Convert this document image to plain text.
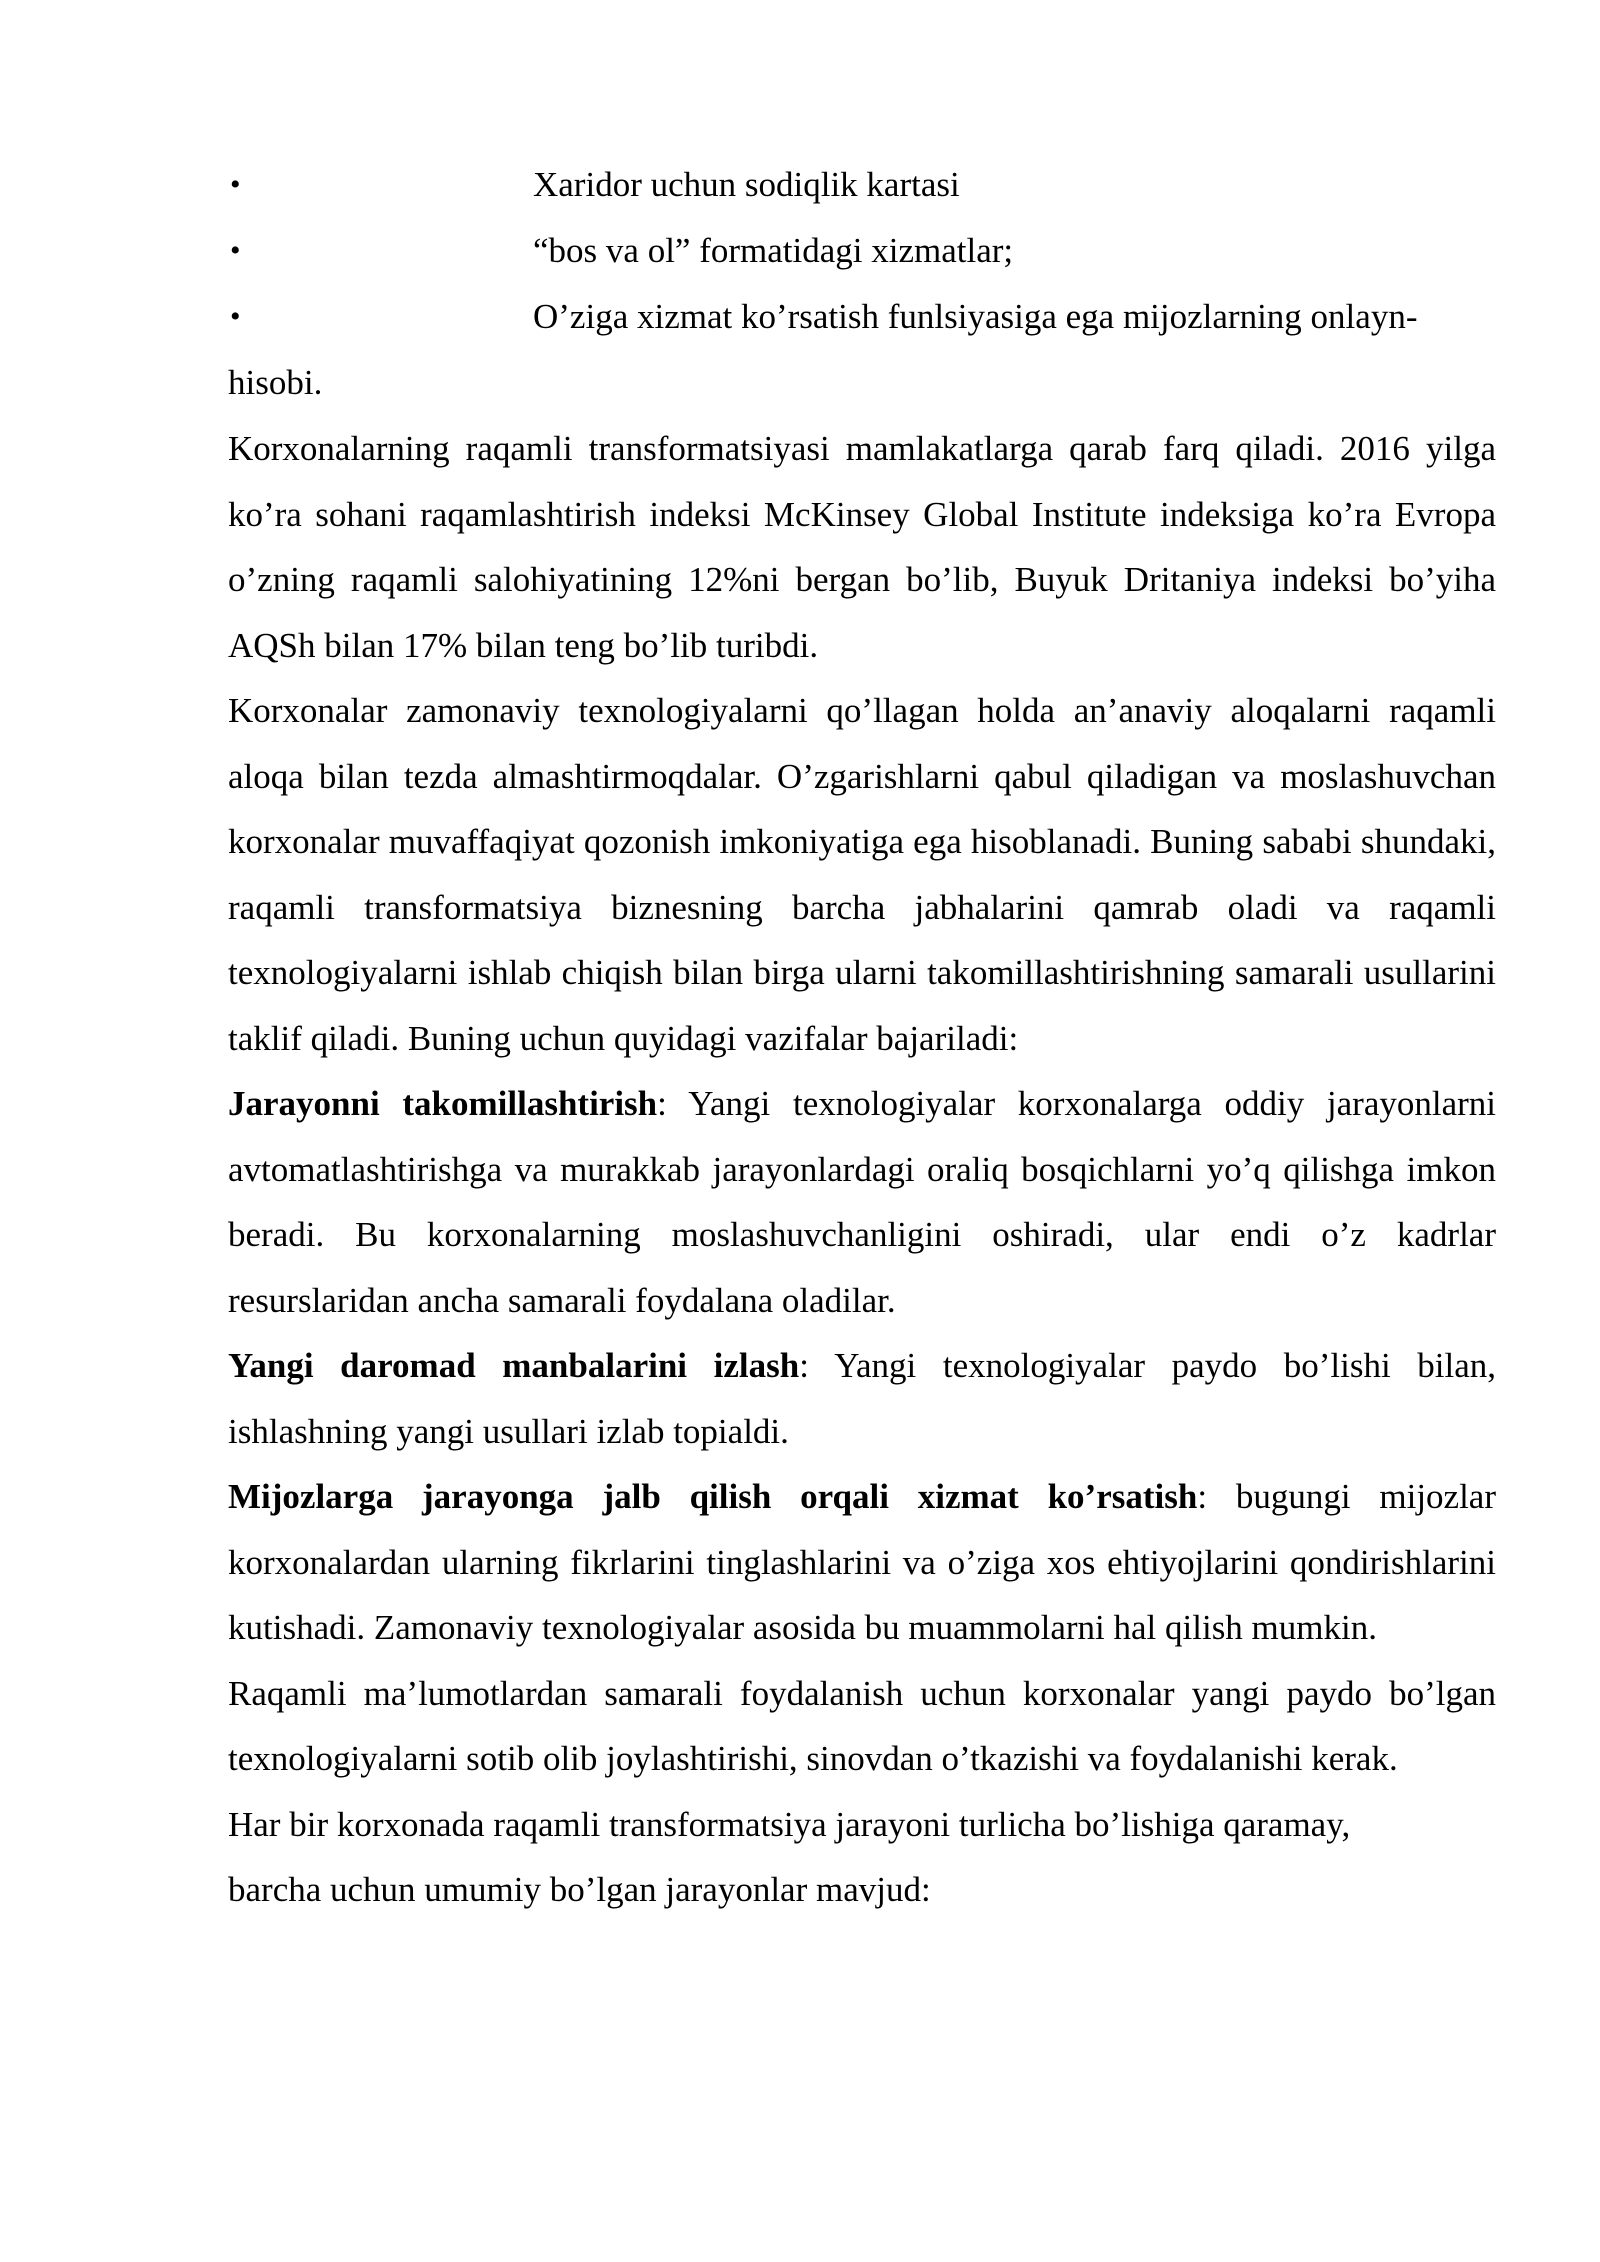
•	Xaridor uchun sodiqlik kartasi
•	“bos va ol” formatidagi xizmatlar;
•	O’ziga xizmat ko’rsatish funlsiyasiga ega mijozlarning onlayn-
hisobi.

Korxonalarning raqamli transformatsiyasi mamlakatlarga qarab farq qiladi. 2016 yilga ko’ra sohani raqamlashtirish indeksi McKinsey Global Institute indeksiga ko’ra Evropa o’zning raqamli salohiyatining 12%ni bergan bo’lib, Buyuk Dritaniya indeksi bo’yiha AQSh bilan 17% bilan teng bo’lib turibdi.

Korxonalar zamonaviy texnologiyalarni qo’llagan holda an’anaviy aloqalarni raqamli aloqa bilan tezda almashtirmoqdalar. O’zgarishlarni qabul qiladigan va moslashuvchan korxonalar muvaffaqiyat qozonish imkoniyatiga ega hisoblanadi. Buning sababi shundaki, raqamli transformatsiya biznesning barcha jabhalarini qamrab oladi va raqamli texnologiyalarni ishlab chiqish bilan birga ularni takomillashtirishning samarali usullarini taklif qiladi. Buning uchun quyidagi vazifalar bajariladi:

Jarayonni takomillashtirish: Yangi texnologiyalar korxonalarga oddiy jarayonlarni avtomatlashtirishga va murakkab jarayonlardagi oraliq bosqichlarni yo’q qilishga imkon beradi. Bu korxonalarning moslashuvchanligini oshiradi, ular endi o’z kadrlar resurslaridan ancha samarali foydalana oladilar.

Yangi daromad manbalarini izlash: Yangi texnologiyalar paydo bo’lishi bilan, ishlashning yangi usullari izlab topialdi.

Mijozlarga jarayonga jalb qilish orqali xizmat ko’rsatish: bugungi mijozlar korxonalardan ularning fikrlarini tinglashlarini va o’ziga xos ehtiyojlarini qondirishlarini kutishadi. Zamonaviy texnologiyalar asosida bu muammolarni hal qilish mumkin.

Raqamli ma’lumotlardan samarali foydalanish uchun korxonalar yangi paydo bo’lgan texnologiyalarni sotib olib joylashtirishi, sinovdan o’tkazishi va foydalanishi kerak.

Har bir korxonada raqamli transformatsiya jarayoni turlicha bo’lishiga qaramay,
barcha uchun umumiy bo’lgan jarayonlar mavjud:
